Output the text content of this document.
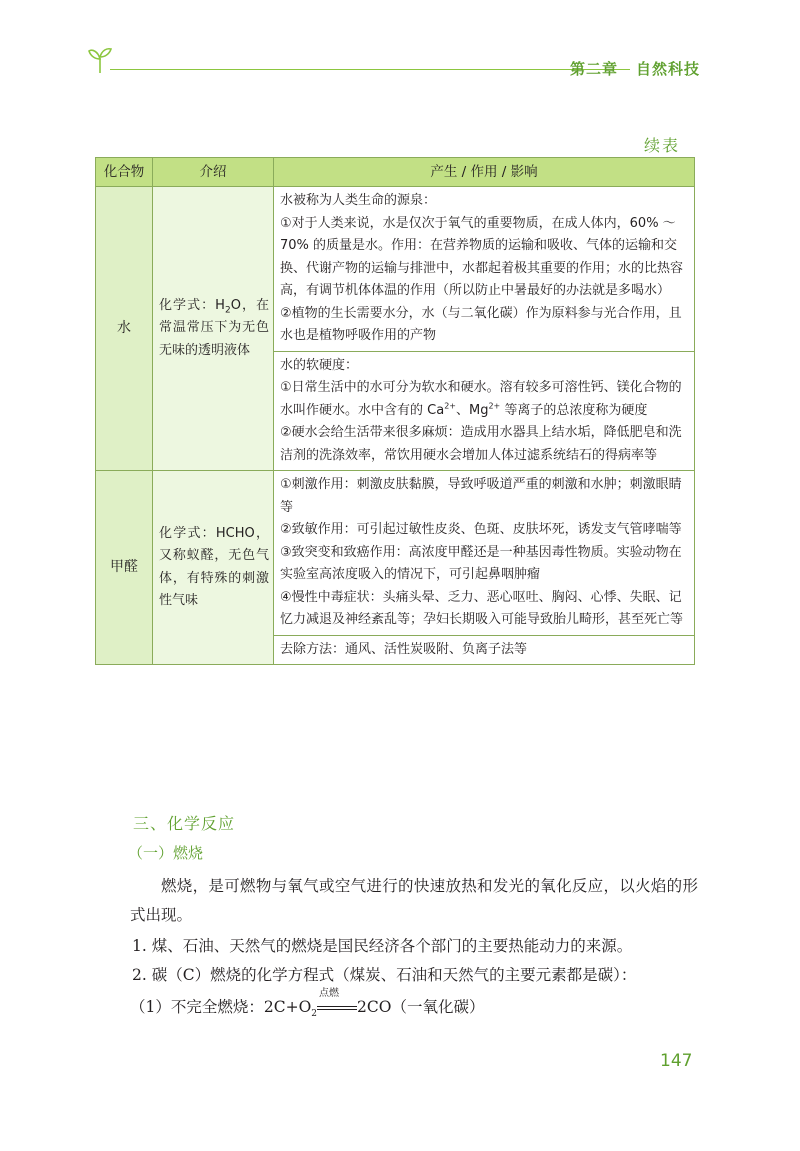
第二章 自然科技
续表
化合物	介绍	产生 / 作用 / 影响
水	化学式：$H_2O$，在常温常压下为无色无味的透明液体	水被称为人类生命的源泉：

①对于人类来说，水是仅次于氧气的重要物质，在成人体内，60% ～ 70% 的质量是水。作用：在营养物质的运输和吸收、气体的运输和交换、代谢产物的运输与排泄中，水都起着极其重要的作用；水的比热容高，有调节机体体温的作用（所以防止中暑最好的办法就是多喝水）

②植物的生长需要水分，水（与二氧化碳）作为原料参与光合作用，且水也是植物呼吸作用的产物

		水的软硬度：

①日常生活中的水可分为软水和硬水。溶有较多可溶性钙、镁化合物的水叫作硬水。水中含有的 $Ca^{2+}$、$Mg^{2+}$ 等离子的总浓度称为硬度

②硬水会给生活带来很多麻烦：造成用水器具上结水垢，降低肥皂和洗洁剂的洗涤效率，常饮用硬水会增加人体过滤系统结石的得病率等

甲醛	化学式：HCHO，又称蚁醛，无色气体，有特殊的刺激性气味	①刺激作用：刺激皮肤黏膜，导致呼吸道严重的刺激和水肿；刺激眼睛等

②致敏作用：可引起过敏性皮炎、色斑、皮肤坏死，诱发支气管哮喘等

③致突变和致癌作用：高浓度甲醛还是一种基因毒性物质。实验动物在实验室高浓度吸入的情况下，可引起鼻咽肿瘤

④慢性中毒症状：头痛头晕、乏力、恶心呕吐、胸闷、心悸、失眠、记忆力减退及神经紊乱等；孕妇长期吸入可能导致胎儿畸形，甚至死亡等

		去除方法：通风、活性炭吸附、负离子法等
三、化学反应
（一）燃烧
燃烧，是可燃物与氧气或空气进行的快速放热和发光的氧化反应，以火焰的形式出现。
1. 煤、石油、天然气的燃烧是国民经济各个部门的主要热能动力的来源。
2. 碳（C）燃烧的化学方程式（煤炭、石油和天然气的主要元素都是碳）：
（1）不完全燃烧：$2C+O_2$
点燃
2CO（一氧化碳）
147
